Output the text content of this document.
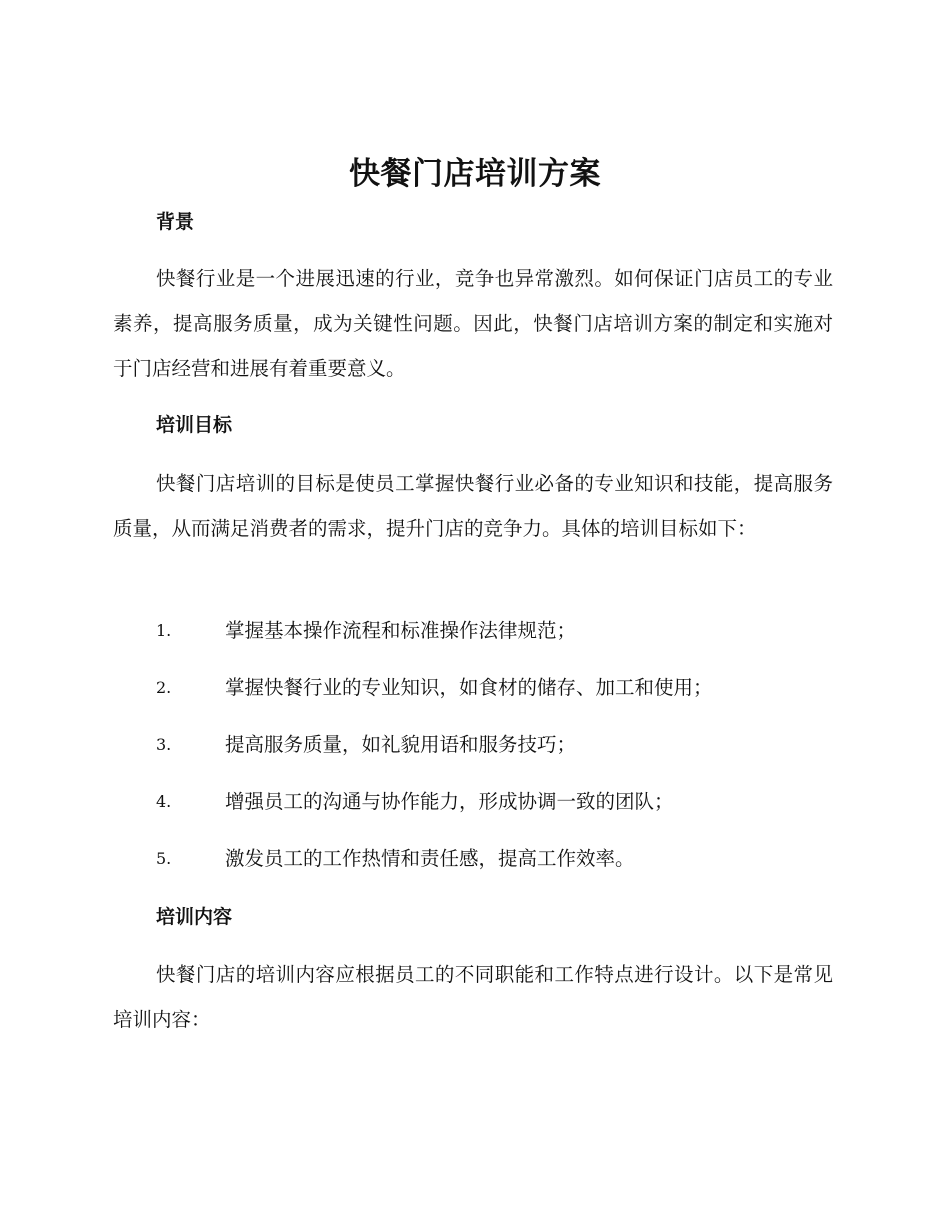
快餐门店培训方案
背景

快餐行业是一个进展迅速的行业，竞争也异常激烈。如何保证门店员工的专业素养，提高服务质量，成为关键性问题。因此，快餐门店培训方案的制定和实施对于门店经营和进展有着重要意义。

培训目标

快餐门店培训的目标是使员工掌握快餐行业必备的专业知识和技能，提高服务质量，从而满足消费者的需求，提升门店的竞争力。具体的培训目标如下：

1.	掌握基本操作流程和标准操作法律规范；
2.	掌握快餐行业的专业知识，如食材的储存、加工和使用；
3.	提高服务质量，如礼貌用语和服务技巧；
4.	增强员工的沟通与协作能力，形成协调一致的团队；
5.	激发员工的工作热情和责任感，提高工作效率。
培训内容

快餐门店的培训内容应根据员工的不同职能和工作特点进行设计。以下是常见培训内容：
